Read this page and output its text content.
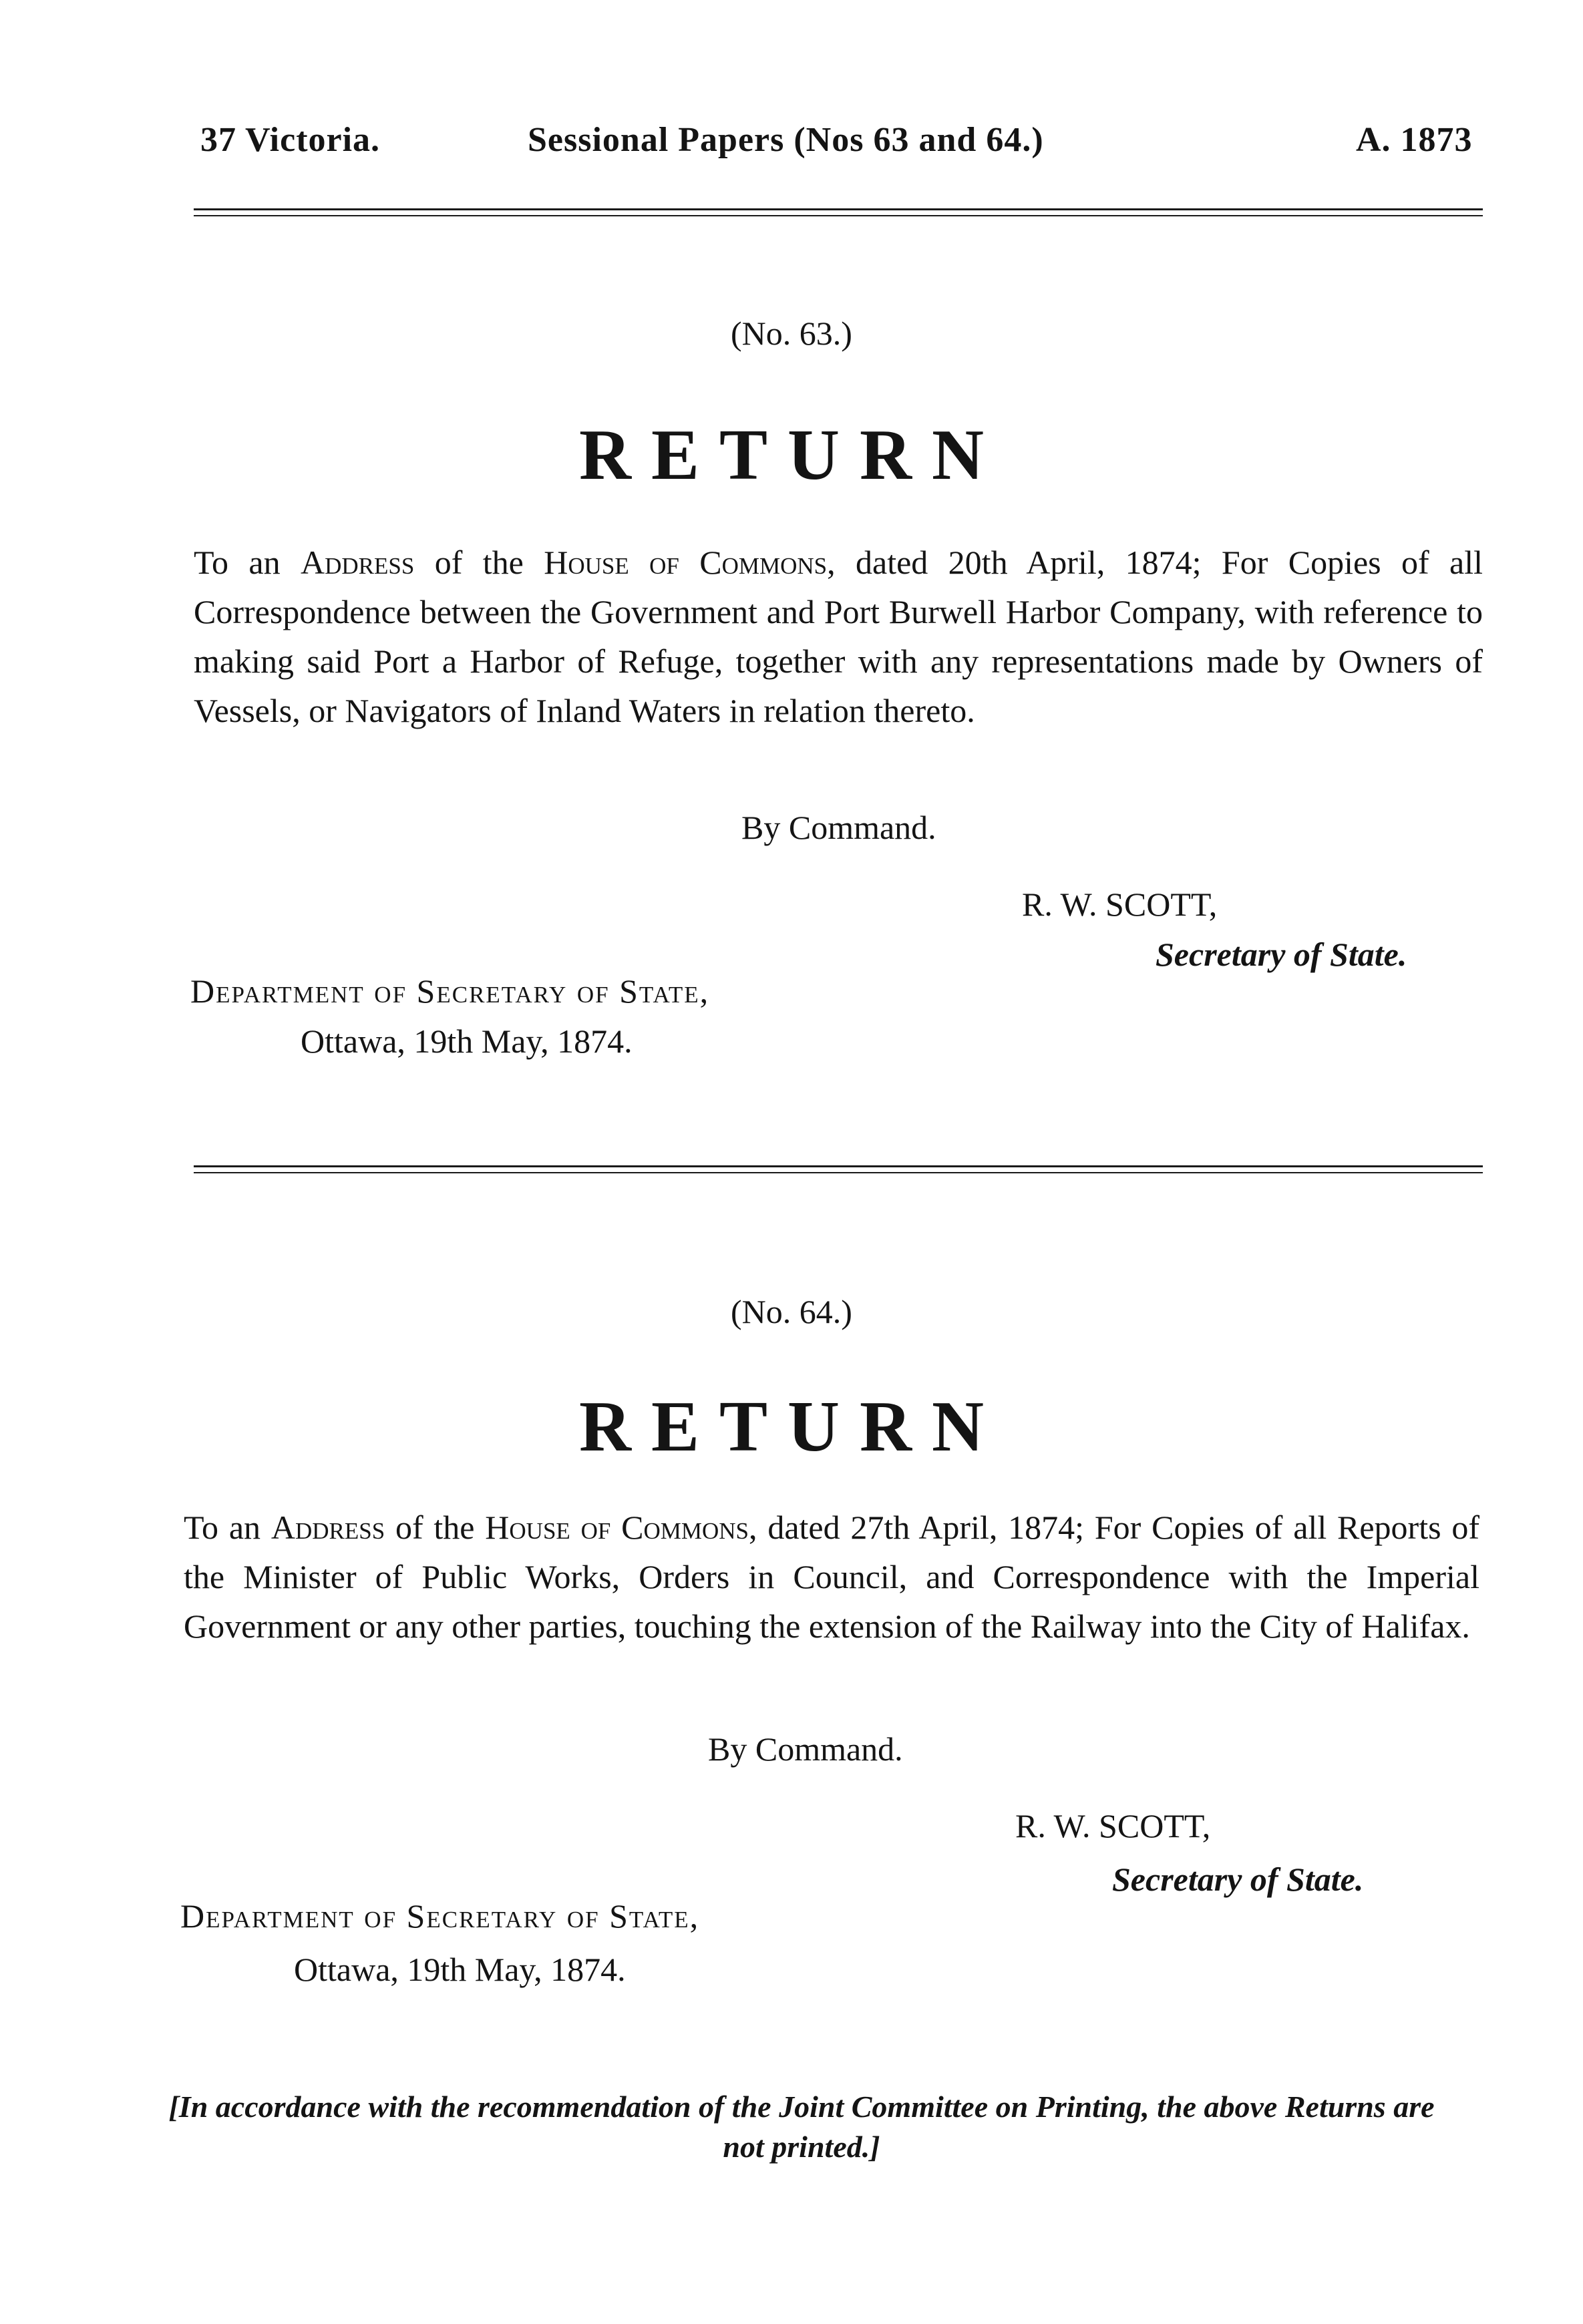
37 Victoria.	Sessional Papers (Nos 63 and 64.)	A. 1873
(No. 63.)
RETURN
To an Address of the House of Commons, dated 20th April, 1874; For Copies of all Correspondence between the Government and Port Burwell Harbor Company, with reference to making said Port a Harbor of Refuge, together with any representations made by Owners of Vessels, or Navigators of Inland Waters in relation thereto.
By Command.
R. W. SCOTT,
Secretary of State.
Department of Secretary of State,
Ottawa, 19th May, 1874.
(No. 64.)
RETURN
To an Address of the House of Commons, dated 27th April, 1874; For Copies of all Reports of the Minister of Public Works, Orders in Council, and Correspondence with the Imperial Government or any other parties, touching the extension of the Railway into the City of Halifax.
By Command.
R. W. SCOTT,
Secretary of State.
Department of Secretary of State,
Ottawa, 19th May, 1874.
[In accordance with the recommendation of the Joint Committee on Printing, the above Returns are not printed.]
